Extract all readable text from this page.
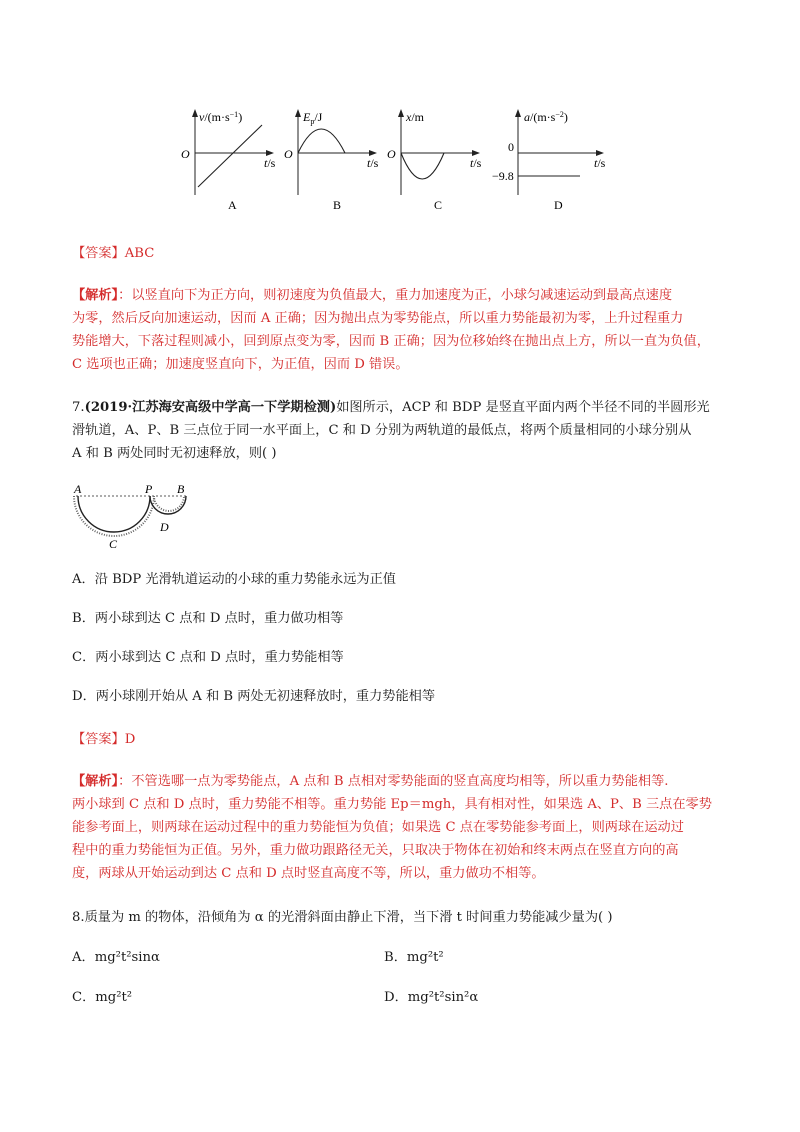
$v/(m\cdot s^{-1})$
O
t/s
A
$E_p/J$
O
t/s
B
x/m
O
t/s
C
$a/(m\cdot s^{-2})$
0
−9.8
t/s
D
【答案】ABC
【解析】：以竖直向下为正方向，则初速度为负值最大，重力加速度为正，小球匀减速运动到最高点速度
为零，然后反向加速运动，因而 A 正确；因为抛出点为零势能点，所以重力势能最初为零，上升过程重力
势能增大，下落过程则减小，回到原点变为零，因而 B 正确；因为位移始终在抛出点上方，所以一直为负值，
C 选项也正确；加速度竖直向下，为正值，因而 D 错误。
7.(2019·江苏海安高级中学高一下学期检测)如图所示，ACP 和 BDP 是竖直平面内两个半径不同的半圆形光
滑轨道，A、P、B 三点位于同一水平面上，C 和 D 分别为两轨道的最低点，将两个质量相同的小球分别从
A 和 B 两处同时无初速释放，则( )
A	P B
C
D
A．沿 BDP 光滑轨道运动的小球的重力势能永远为正值
B．两小球到达 C 点和 D 点时，重力做功相等
C．两小球到达 C 点和 D 点时，重力势能相等
D．两小球刚开始从 A 和 B 两处无初速释放时，重力势能相等
【答案】D
【解析】：不管选哪一点为零势能点，A 点和 B 点相对零势能面的竖直高度均相等，所以重力势能相等.
两小球到 C 点和 D 点时，重力势能不相等。重力势能 Ep＝mgh，具有相对性，如果选 A、P、B 三点在零势
能参考面上，则两球在运动过程中的重力势能恒为负值；如果选 C 点在零势能参考面上，则两球在运动过
程中的重力势能恒为正值。另外，重力做功跟路径无关，只取决于物体在初始和终末两点在竖直方向的高
度，两球从开始运动到达 C 点和 D 点时竖直高度不等，所以，重力做功不相等。
8.质量为 m 的物体，沿倾角为 α 的光滑斜面由静止下滑，当下滑 t 时间重力势能减少量为( )
A．mg²t²sinα	B．mg²t²
C．mg²t²	D．mg²t²sin²α
